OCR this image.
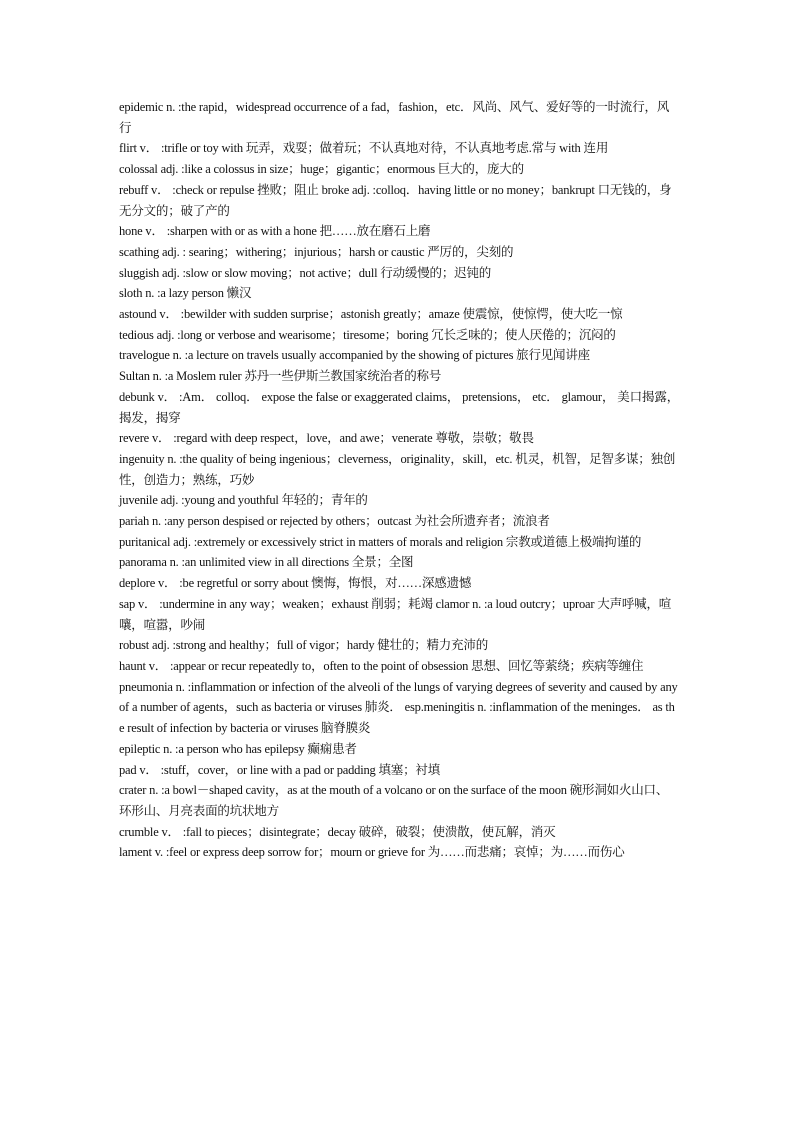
epidemic n. :the rapid，widespread occurrence of a fad，fashion，etc．风尚、风气、爱好等的一时流行，风行

flirt v． :trifle or toy with 玩弄，戏耍；做着玩；不认真地对待，不认真地考虑.常与 with 连用

colossal adj. :like a colossus in size；huge；gigantic；enormous 巨大的，庞大的

rebuff v． :check or repulse 挫败；阻止 broke adj. :colloq．having little or no money；bankrupt 口无钱的，身无分文的；破了产的

hone v． :sharpen with or as with a hone 把……放在磨石上磨

scathing adj. : searing；withering；injurious；harsh or caustic 严厉的，尖刻的

sluggish adj. :slow or slow moving；not active；dull 行动缓慢的；迟钝的

sloth n. :a lazy person 懒汉

astound v． :bewilder with sudden surprise；astonish greatly；amaze 使震惊，使惊愕，使大吃一惊

tedious adj. :long or verbose and wearisome；tiresome；boring 冗长乏味的；使人厌倦的；沉闷的

travelogue n. :a lecture on travels usually accompanied by the showing of pictures 旅行见闻讲座

Sultan n. :a Moslem ruler 苏丹一些伊斯兰教国家统治者的称号

debunk v． :Am． colloq． expose the false or exaggerated claims， pretensions， etc． glamour， 美口揭露，揭发，揭穿

revere v． :regard with deep respect，love，and awe；venerate 尊敬，崇敬；敬畏

ingenuity n. :the quality of being ingenious；cleverness，originality，skill，etc. 机灵，机智，足智多谋；独创性，创造力；熟练，巧妙

juvenile adj. :young and youthful 年轻的；青年的

pariah n. :any person despised or rejected by others；outcast 为社会所遗弃者；流浪者

puritanical adj. :extremely or excessively strict in matters of morals and religion 宗教或道德上极端拘谨的

panorama n. :an unlimited view in all directions 全景；全图

deplore v． :be regretful or sorry about 懊悔，悔恨，对……深感遗憾

sap v． :undermine in any way；weaken；exhaust 削弱；耗竭 clamor n. :a loud outcry；uproar 大声呼喊，喧嚷，喧嚣，吵闹

robust adj. :strong and healthy；full of vigor；hardy 健壮的；精力充沛的

haunt v． :appear or recur repeatedly to，often to the point of obsession 思想、回忆等萦绕；疾病等缠住

pneumonia n. :inflammation or infection of the alveoli of the lungs of varying degrees of severity and caused by any of a number of agents，such as bacteria or viruses 肺炎． esp.meningitis n. :inflammation of the meninges． as the result of infection by bacteria or viruses 脑脊膜炎

epileptic n. :a person who has epilepsy 癫痫患者

pad v． :stuff，cover，or line with a pad or padding 填塞；衬填

crater n. :a bowl－shaped cavity，as at the mouth of a volcano or on the surface of the moon 碗形洞如火山口、环形山、月亮表面的坑状地方

crumble v． :fall to pieces；disintegrate；decay 破碎，破裂；使溃散，使瓦解，消灭

lament v. :feel or express deep sorrow for；mourn or grieve for 为……而悲痛；哀悼；为……而伤心
